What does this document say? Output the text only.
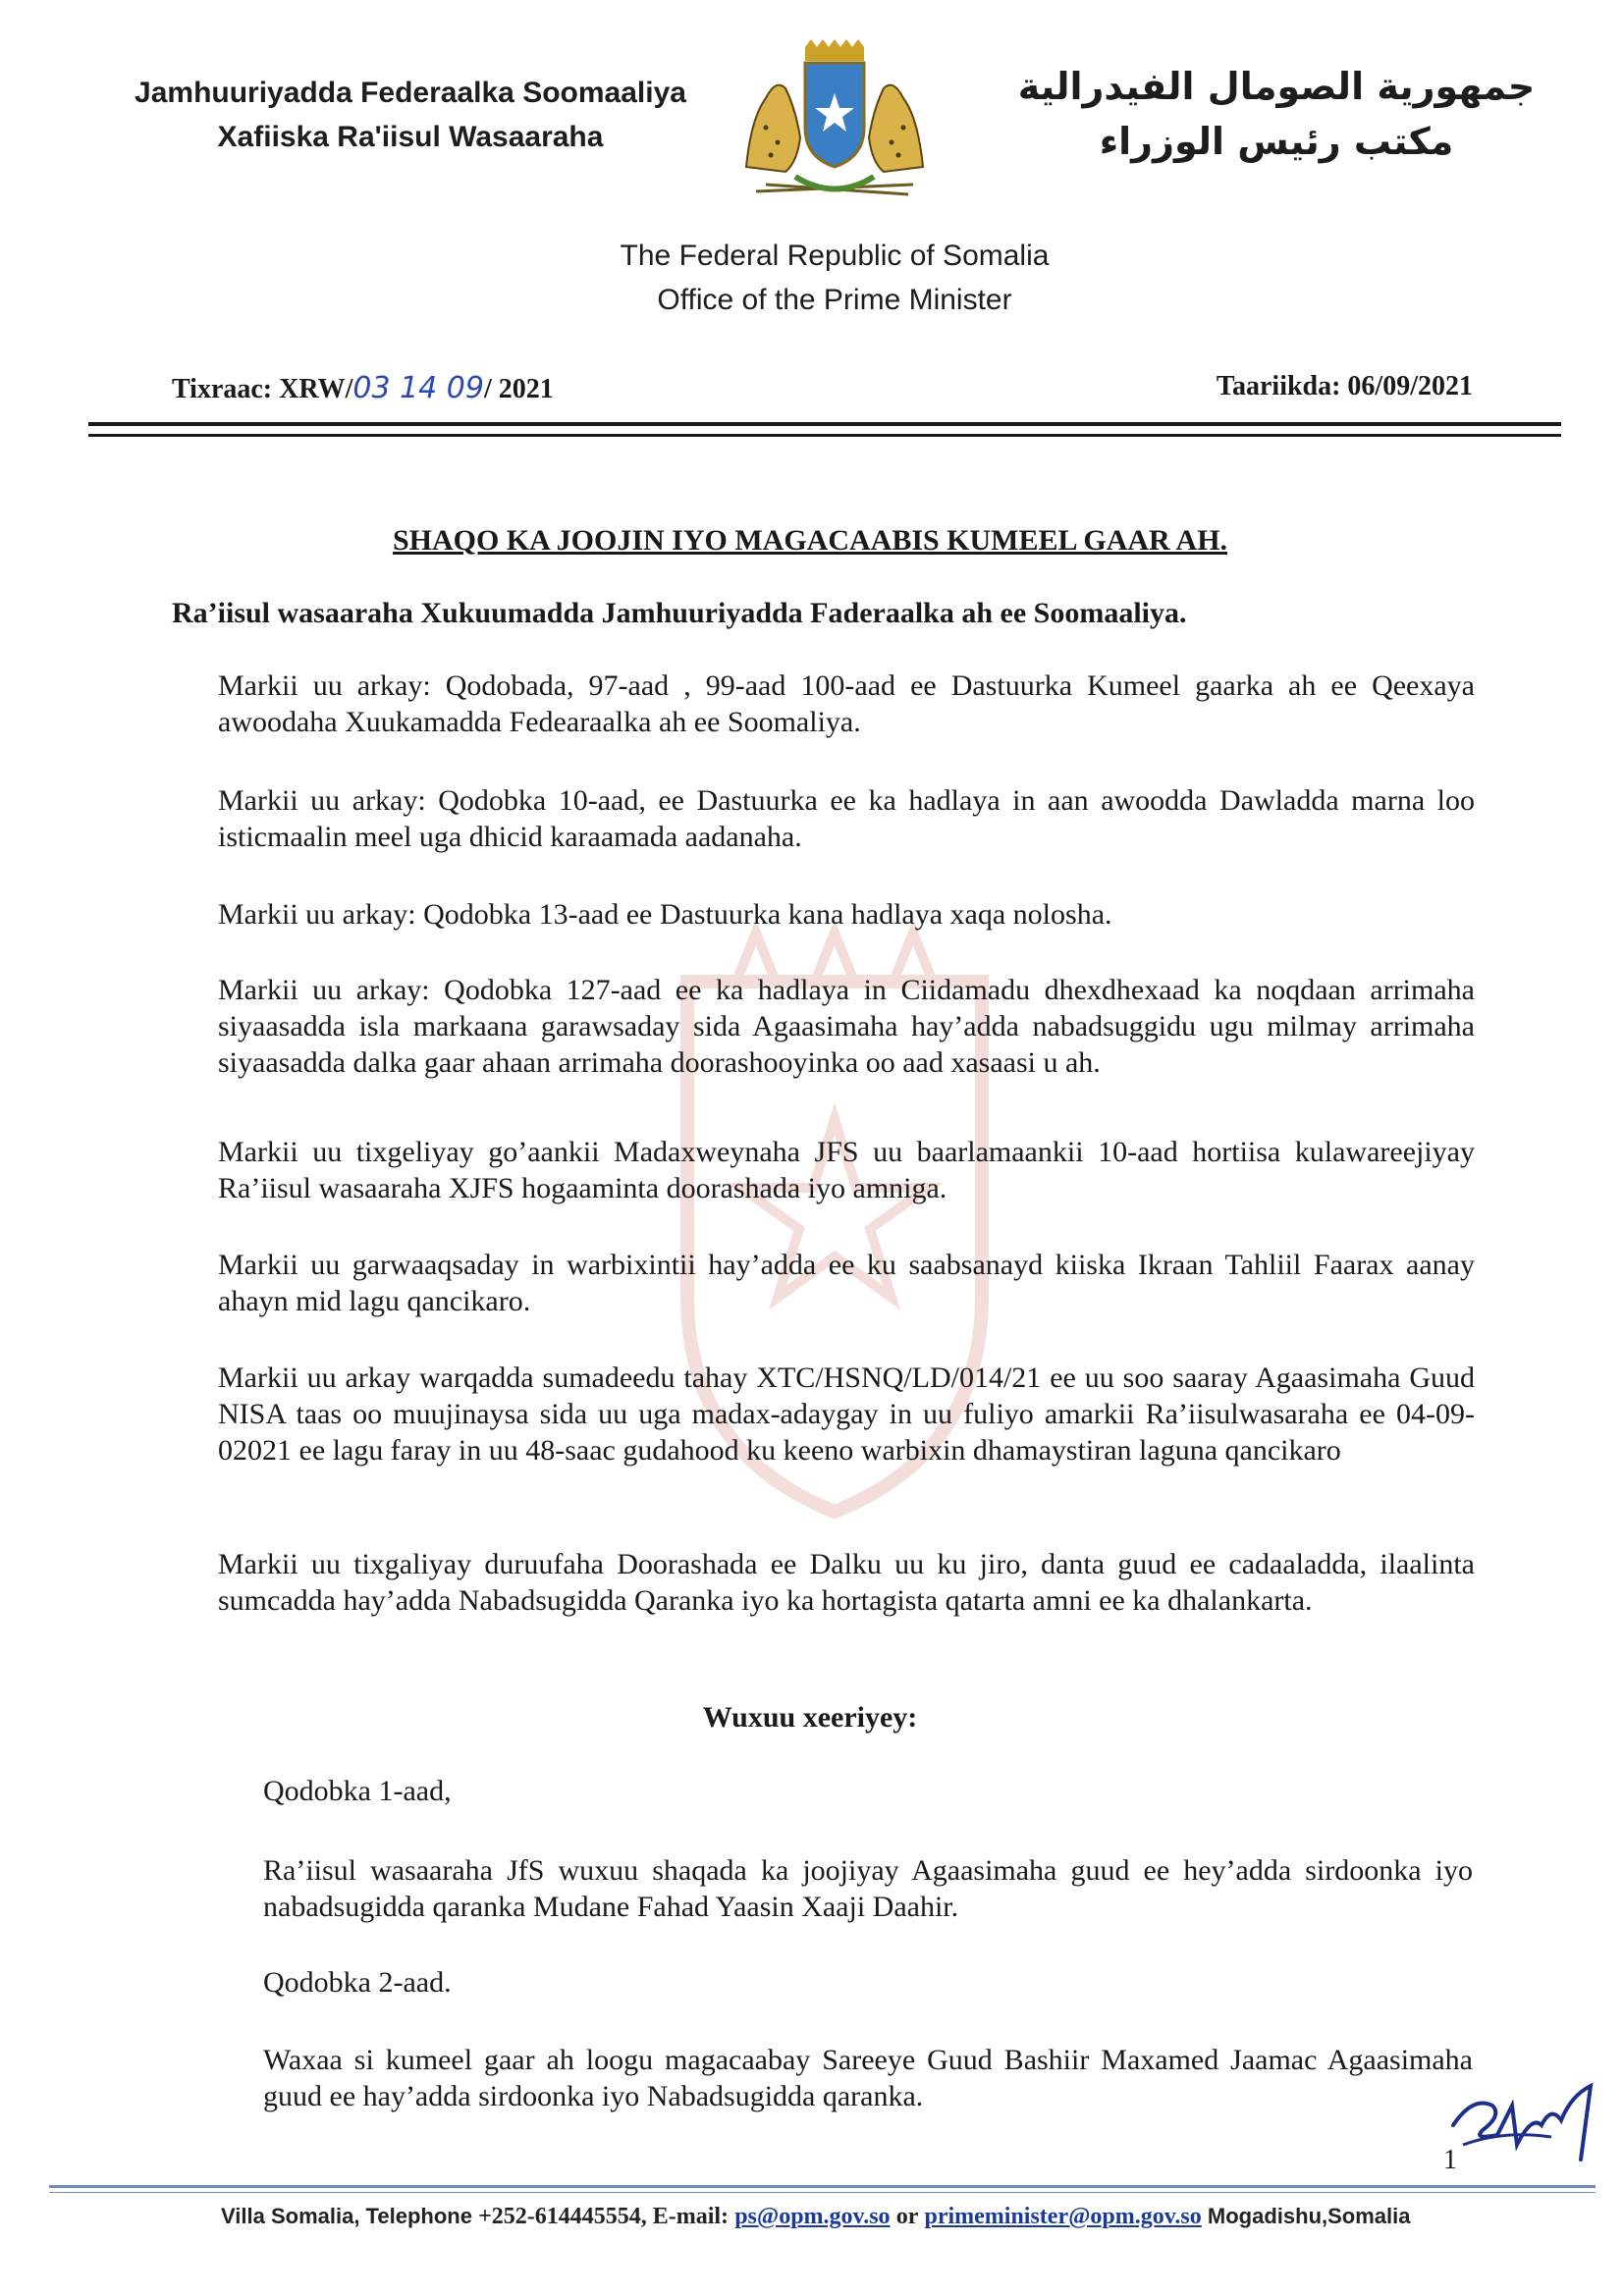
Jamhuuriyadda Federaalka Soomaaliya
Xafiiska Ra'iisul Wasaaraha
جمهورية الصومال الفيدرالية
مكتب رئيس الوزراء
The Federal Republic of Somalia
Office of the Prime Minister
Tixraac: XRW/03 14 09/ 2021	Taariikda: 06/09/2021
SHAQO KA JOOJIN IYO MAGACAABIS KUMEEL GAAR AH.
Ra’iisul wasaaraha Xukuumadda Jamhuuriyadda Faderaalka ah ee Soomaaliya.
Markii uu arkay: Qodobada, 97-aad , 99-aad 100-aad ee Dastuurka Kumeel gaarka ah ee Qeexaya awoodaha Xuukamadda Fedearaalka ah ee Soomaliya.
Markii uu arkay: Qodobka 10-aad, ee Dastuurka ee ka hadlaya in aan awoodda Dawladda marna loo isticmaalin meel uga dhicid karaamada aadanaha.
Markii uu arkay: Qodobka 13-aad ee Dastuurka kana hadlaya xaqa nolosha.
Markii uu arkay: Qodobka 127-aad ee ka hadlaya in Ciidamadu dhexdhexaad ka noqdaan arrimaha siyaasadda isla markaana garawsaday sida Agaasimaha hay’adda nabadsuggidu ugu milmay arrimaha siyaasadda dalka gaar ahaan arrimaha doorashooyinka oo aad xasaasi u ah.
Markii uu tixgeliyay go’aankii Madaxweynaha JFS uu baarlamaankii 10-aad hortiisa kulawareejiyay Ra’iisul wasaaraha XJFS hogaaminta doorashada iyo amniga.
Markii uu garwaaqsaday in warbixintii hay’adda ee ku saabsanayd kiiska Ikraan Tahliil Faarax aanay ahayn mid lagu qancikaro.
Markii uu arkay warqadda sumadeedu tahay XTC/HSNQ/LD/014/21 ee uu soo saaray Agaasimaha Guud NISA taas oo muujinaysa sida uu uga madax-adaygay in uu fuliyo amarkii Ra’iisulwasaraha ee 04-09-02021 ee lagu faray in uu 48-saac gudahood ku keeno warbixin dhamaystiran laguna qancikaro
Markii uu tixgaliyay duruufaha Doorashada ee Dalku uu ku jiro, danta guud ee cadaaladda, ilaalinta sumcadda hay’adda Nabadsugidda Qaranka iyo ka hortagista qatarta amni ee ka dhalankarta.
Wuxuu xeeriyey:
Qodobka 1-aad,
Ra’iisul wasaaraha JfS wuxuu shaqada ka joojiyay Agaasimaha guud ee hey’adda sirdoonka iyo nabadsugidda qaranka Mudane Fahad Yaasin Xaaji Daahir.
Qodobka 2-aad.
Waxaa si kumeel gaar ah loogu magacaabay Sareeye Guud Bashiir Maxamed Jaamac Agaasimaha guud ee hay’adda sirdoonka iyo Nabadsugidda qaranka.
1
Villa Somalia, Telephone +252-614445554, E-mail: ps@opm.gov.so or primeminister@opm.gov.so Mogadishu,Somalia
